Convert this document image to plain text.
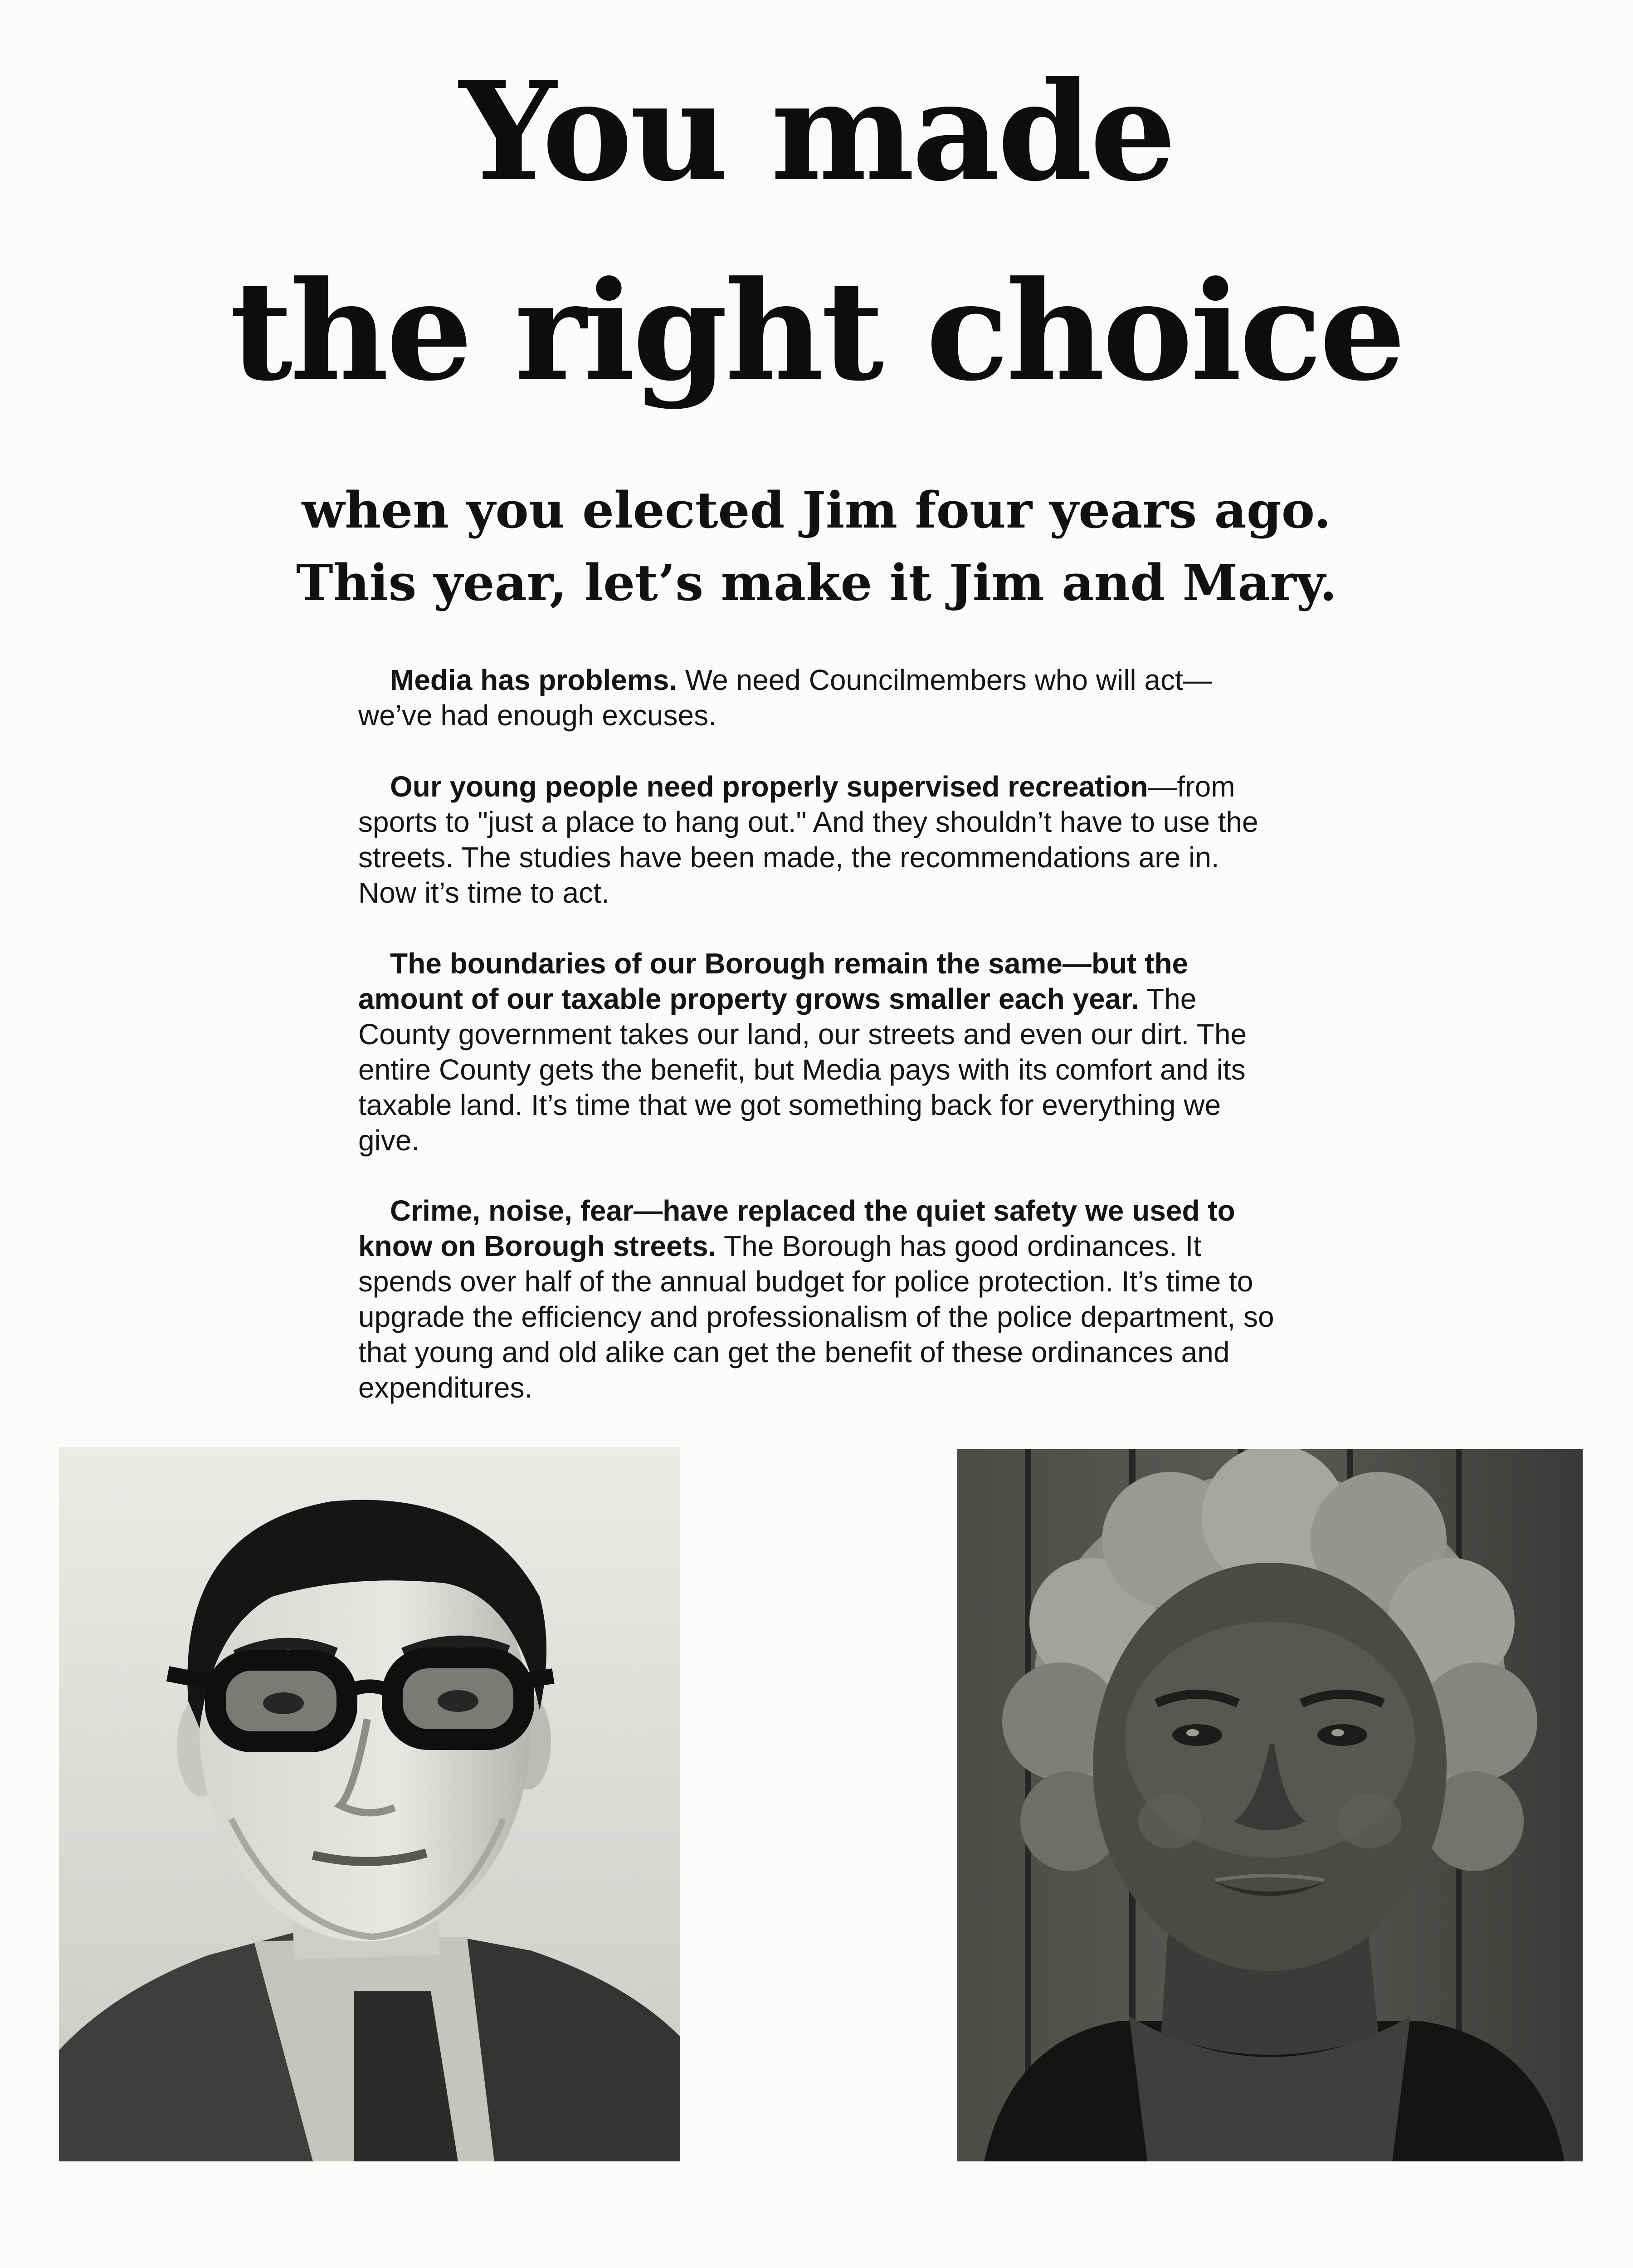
You made
the right choice
when you elected Jim four years ago.
This year, let’s make it Jim and Mary.

Media has problems. We need Councilmembers who will act—we’ve had enough excuses.

Our young people need properly supervised recreation—from sports to "just a place to hang out." And they shouldn’t have to use the streets. The studies have been made, the recommendations are in. Now it’s time to act.

The boundaries of our Borough remain the same—but the amount of our taxable property grows smaller each year. The County government takes our land, our streets and even our dirt. The entire County gets the benefit, but Media pays with its comfort and its taxable land. It’s time that we got something back for everything we give.

Crime, noise, fear—have replaced the quiet safety we used to know on Borough streets. The Borough has good ordinances. It spends over half of the annual budget for police protection. It’s time to upgrade the efficiency and professionalism of the police department, so that young and old alike can get the benefit of these ordinances and expenditures.
